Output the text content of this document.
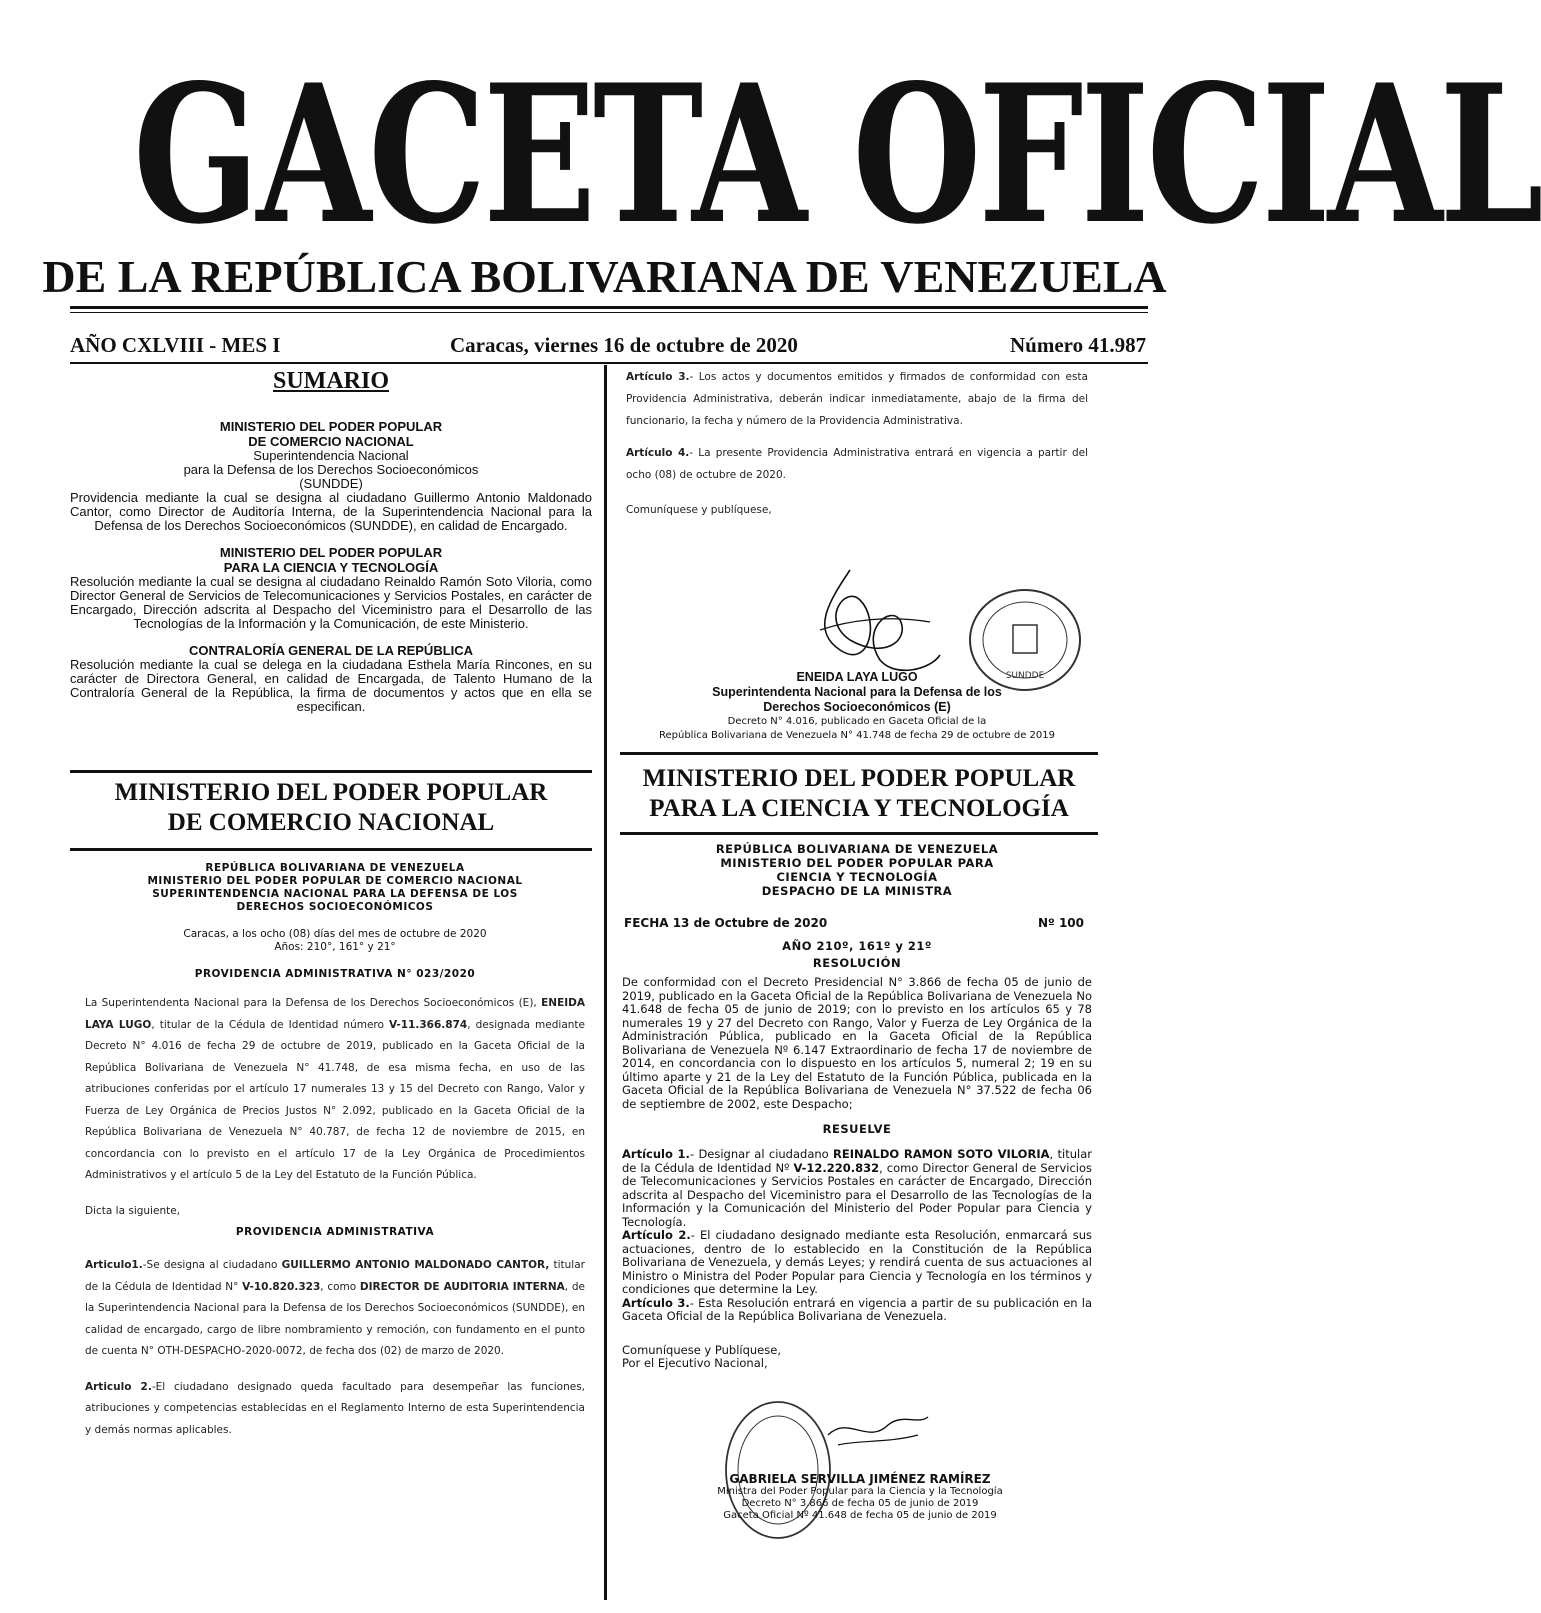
GACETA OFICIAL
DE LA REPÚBLICA BOLIVARIANA DE VENEZUELA
AÑO CXLVIII - MES I	Caracas, viernes 16 de octubre de 2020	Número 41.987
SUMARIO
MINISTERIO DEL PODER POPULAR
DE COMERCIO NACIONAL
Superintendencia Nacional
para la Defensa de los Derechos Socioeconómicos
(SUNDDE)

Providencia mediante la cual se designa al ciudadano Guillermo Antonio Maldonado Cantor, como Director de Auditoría Interna, de la Superintendencia Nacional para la Defensa de los Derechos Socioeconómicos (SUNDDE), en calidad de Encargado.

MINISTERIO DEL PODER POPULAR
PARA LA CIENCIA Y TECNOLOGÍA

Resolución mediante la cual se designa al ciudadano Reinaldo Ramón Soto Viloria, como Director General de Servicios de Telecomunicaciones y Servicios Postales, en carácter de Encargado, Dirección adscrita al Despacho del Viceministro para el Desarrollo de las Tecnologías de la Información y la Comunicación, de este Ministerio.

CONTRALORÍA GENERAL DE LA REPÚBLICA

Resolución mediante la cual se delega en la ciudadana Esthela María Rincones, en su carácter de Directora General, en calidad de Encargada, de Talento Humano de la Contraloría General de la República, la firma de documentos y actos que en ella se especifican.

MINISTERIO DEL PODER POPULAR
DE COMERCIO NACIONAL
REPÚBLICA BOLIVARIANA DE VENEZUELA
MINISTERIO DEL PODER POPULAR DE COMERCIO NACIONAL
SUPERINTENDENCIA NACIONAL PARA LA DEFENSA DE LOS
DERECHOS SOCIOECONÓMICOS
Caracas, a los ocho (08) días del mes de octubre de 2020
Años: 210°, 161° y 21°
PROVIDENCIA ADMINISTRATIVA N° 023/2020

La Superintendenta Nacional para la Defensa de los Derechos Socioeconómicos (E), ENEIDA LAYA LUGO, titular de la Cédula de Identidad número V-11.366.874, designada mediante Decreto N° 4.016 de fecha 29 de octubre de 2019, publicado en la Gaceta Oficial de la República Bolivariana de Venezuela N° 41.748, de esa misma fecha, en uso de las atribuciones conferidas por el artículo 17 numerales 13 y 15 del Decreto con Rango, Valor y Fuerza de Ley Orgánica de Precios Justos N° 2.092, publicado en la Gaceta Oficial de la República Bolivariana de Venezuela N° 40.787, de fecha 12 de noviembre de 2015, en concordancia con lo previsto en el artículo 17 de la Ley Orgánica de Procedimientos Administrativos y el artículo 5 de la Ley del Estatuto de la Función Pública.

Dicta la siguiente,

PROVIDENCIA ADMINISTRATIVA

Articulo1.-Se designa al ciudadano GUILLERMO ANTONIO MALDONADO CANTOR, titular de la Cédula de Identidad N° V-10.820.323, como DIRECTOR DE AUDITORIA INTERNA, de la Superintendencia Nacional para la Defensa de los Derechos Socioeconómicos (SUNDDE), en calidad de encargado, cargo de libre nombramiento y remoción, con fundamento en el punto de cuenta N° OTH-DESPACHO-2020-0072, de fecha dos (02) de marzo de 2020.

Articulo 2.-El ciudadano designado queda facultado para desempeñar las funciones, atribuciones y competencias establecidas en el Reglamento Interno de esta Superintendencia y demás normas aplicables.

Artículo 3.- Los actos y documentos emitidos y firmados de conformidad con esta Providencia Administrativa, deberán indicar inmediatamente, abajo de la firma del funcionario, la fecha y número de la Providencia Administrativa.

Artículo 4.- La presente Providencia Administrativa entrará en vigencia a partir del ocho (08) de octubre de 2020.

Comuníquese y publíquese,

SUNDDE
ENEIDA LAYA LUGO
Superintendenta Nacional para la Defensa de los
Derechos Socioeconómicos (E)
Decreto N° 4.016, publicado en Gaceta Oficial de la
República Bolivariana de Venezuela N° 41.748 de fecha 29 de octubre de 2019
MINISTERIO DEL PODER POPULAR
PARA LA CIENCIA Y TECNOLOGÍA
REPÚBLICA BOLIVARIANA DE VENEZUELA
MINISTERIO DEL PODER POPULAR PARA
CIENCIA Y TECNOLOGÍA
DESPACHO DE LA MINISTRA
FECHA 13 de Octubre de 2020	Nº 100
AÑO 210º, 161º y 21º
RESOLUCIÓN

De conformidad con el Decreto Presidencial N° 3.866 de fecha 05 de junio de 2019, publicado en la Gaceta Oficial de la República Bolivariana de Venezuela No 41.648 de fecha 05 de junio de 2019; con lo previsto en los artículos 65 y 78 numerales 19 y 27 del Decreto con Rango, Valor y Fuerza de Ley Orgánica de la Administración Pública, publicado en la Gaceta Oficial de la República Bolivariana de Venezuela Nº 6.147 Extraordinario de fecha 17 de noviembre de 2014, en concordancia con lo dispuesto en los artículos 5, numeral 2; 19 en su último aparte y 21 de la Ley del Estatuto de la Función Pública, publicada en la Gaceta Oficial de la República Bolivariana de Venezuela N° 37.522 de fecha 06 de septiembre de 2002, este Despacho;

RESUELVE

Artículo 1.- Designar al ciudadano REINALDO RAMON SOTO VILORIA, titular de la Cédula de Identidad Nº V-12.220.832, como Director General de Servicios de Telecomunicaciones y Servicios Postales en carácter de Encargado, Dirección adscrita al Despacho del Viceministro para el Desarrollo de las Tecnologías de la Información y la Comunicación del Ministerio del Poder Popular para Ciencia y Tecnología.

Artículo 2.- El ciudadano designado mediante esta Resolución, enmarcará sus actuaciones, dentro de lo establecido en la Constitución de la República Bolivariana de Venezuela, y demás Leyes; y rendirá cuenta de sus actuaciones al Ministro o Ministra del Poder Popular para Ciencia y Tecnología en los términos y condiciones que determine la Ley.

Artículo 3.- Esta Resolución entrará en vigencia a partir de su publicación en la Gaceta Oficial de la República Bolivariana de Venezuela.

Comuníquese y Publíquese,
Por el Ejecutivo Nacional,
GABRIELA SERVILLA JIMÉNEZ RAMÍREZ
Ministra del Poder Popular para la Ciencia y la Tecnología
Decreto N° 3.866 de fecha 05 de junio de 2019
Gaceta Oficial Nº 41.648 de fecha 05 de junio de 2019
